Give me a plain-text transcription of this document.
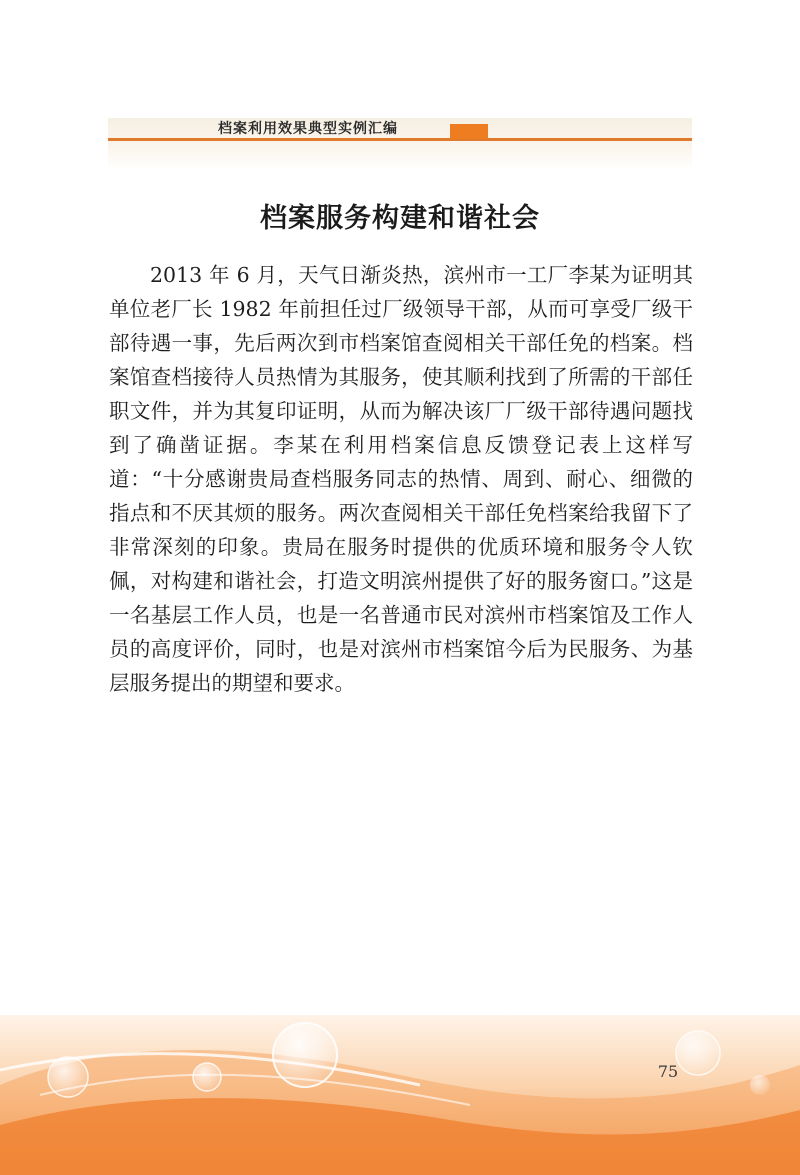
档案利用效果典型实例汇编
档案服务构建和谐社会

2013 年 6 月，天气日渐炎热，滨州市一工厂李某为证明其单位老厂长 1982 年前担任过厂级领导干部，从而可享受厂级干部待遇一事，先后两次到市档案馆查阅相关干部任免的档案。档案馆查档接待人员热情为其服务，使其顺利找到了所需的干部任职文件，并为其复印证明，从而为解决该厂厂级干部待遇问题找到了确凿证据。李某在利用档案信息反馈登记表上这样写道：“十分感谢贵局查档服务同志的热情、周到、耐心、细微的指点和不厌其烦的服务。两次查阅相关干部任免档案给我留下了非常深刻的印象。贵局在服务时提供的优质环境和服务令人钦佩，对构建和谐社会，打造文明滨州提供了好的服务窗口。”这是一名基层工作人员，也是一名普通市民对滨州市档案馆及工作人员的高度评价，同时，也是对滨州市档案馆今后为民服务、为基层服务提出的期望和要求。

75
